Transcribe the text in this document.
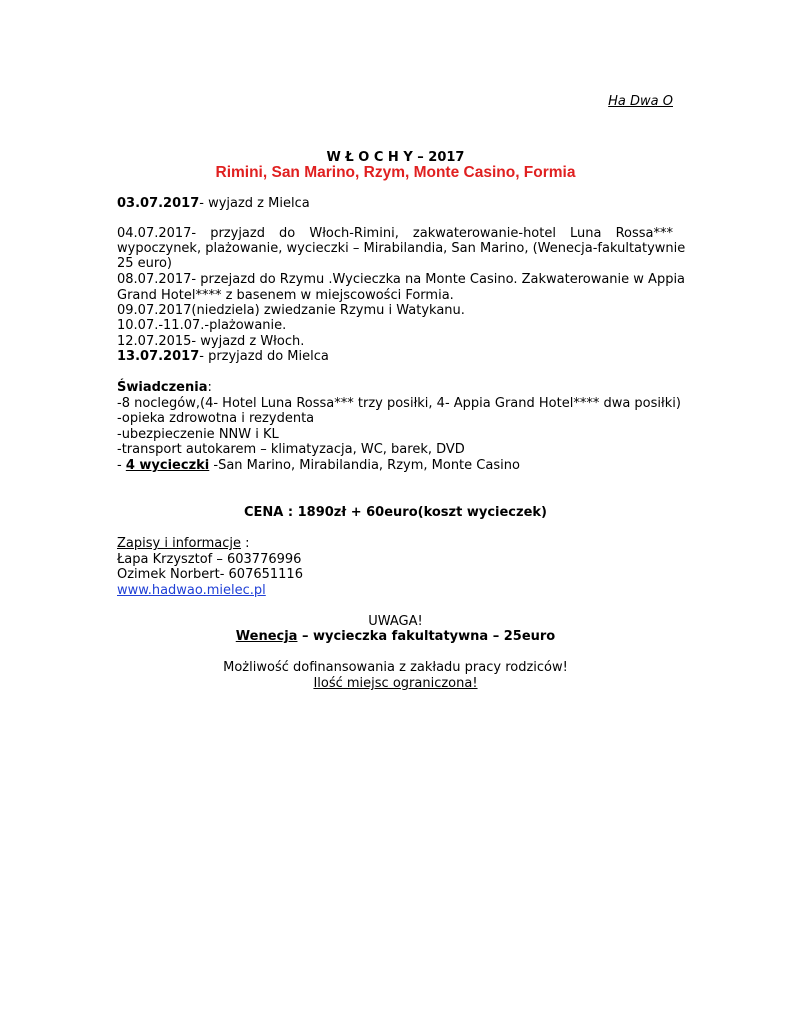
Ha Dwa O
W Ł O C H Y – 2017
Rimini, San Marino, Rzym, Monte Casino, Formia
03.07.2017- wyjazd z Mielca
04.07.2017- przyjazd do Włoch-Rimini, zakwaterowanie-hotel Luna Rossa***
wypoczynek, plażowanie, wycieczki – Mirabilandia, San Marino, (Wenecja-fakultatywnie
25 euro)
08.07.2017- przejazd do Rzymu .Wycieczka na Monte Casino. Zakwaterowanie w Appia
Grand Hotel**** z basenem w miejscowości Formia.
09.07.2017(niedziela) zwiedzanie Rzymu i Watykanu.
10.07.-11.07.-plażowanie.
12.07.2015- wyjazd z Włoch.
13.07.2017- przyjazd do Mielca
Świadczenia:
-8 noclegów,(4- Hotel Luna Rossa*** trzy posiłki, 4- Appia Grand Hotel**** dwa posiłki)
-opieka zdrowotna i rezydenta
-ubezpieczenie NNW i KL
-transport autokarem – klimatyzacja, WC, barek, DVD
- 4 wycieczki -San Marino, Mirabilandia, Rzym, Monte Casino
CENA : 1890zł + 60euro(koszt wycieczek)
Zapisy i informacje :
Łapa Krzysztof – 603776996
Ozimek Norbert- 607651116
www.hadwao.mielec.pl
UWAGA!
Wenecja – wycieczka fakultatywna – 25euro
Możliwość dofinansowania z zakładu pracy rodziców!
Ilość miejsc ograniczona!
